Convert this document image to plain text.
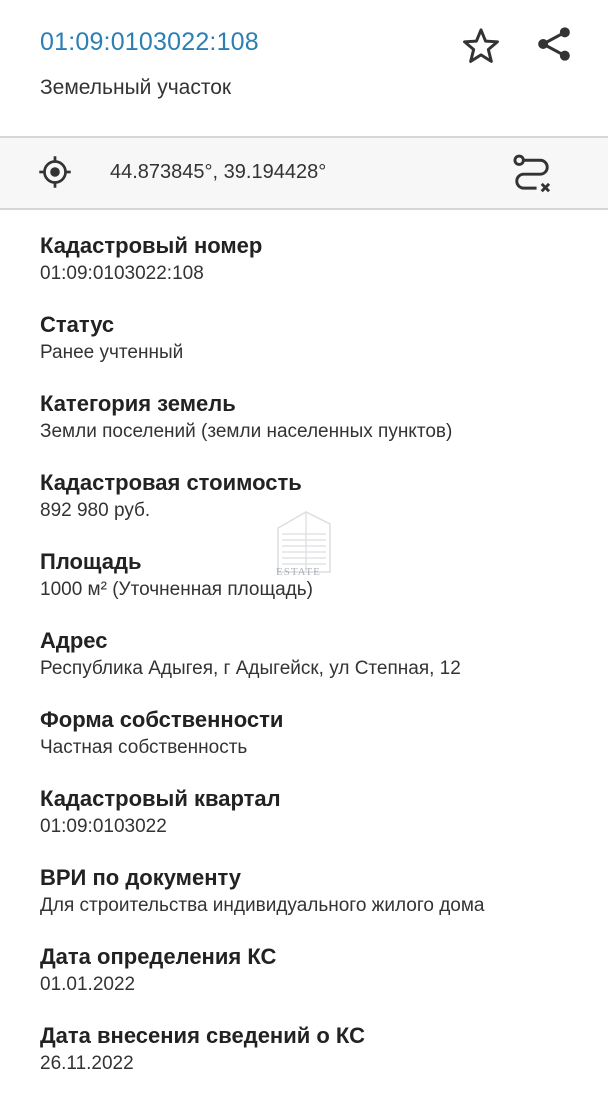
01:09:0103022:108
Земельный участок
44.873845°, 39.194428°
Кадастровый номер
01:09:0103022:108
Статус
Ранее учтенный
Категория земель
Земли поселений (земли населенных пунктов)
Кадастровая стоимость
892 980 руб.
Площадь
1000 м² (Уточненная площадь)
Адрес
Республика Адыгея, г Адыгейск, ул Степная, 12
Форма собственности
Частная собственность
Кадастровый квартал
01:09:0103022
ВРИ по документу
Для строительства индивидуального жилого дома
Дата определения КС
01.01.2022
Дата внесения сведений о КС
26.11.2022
ESTATE
